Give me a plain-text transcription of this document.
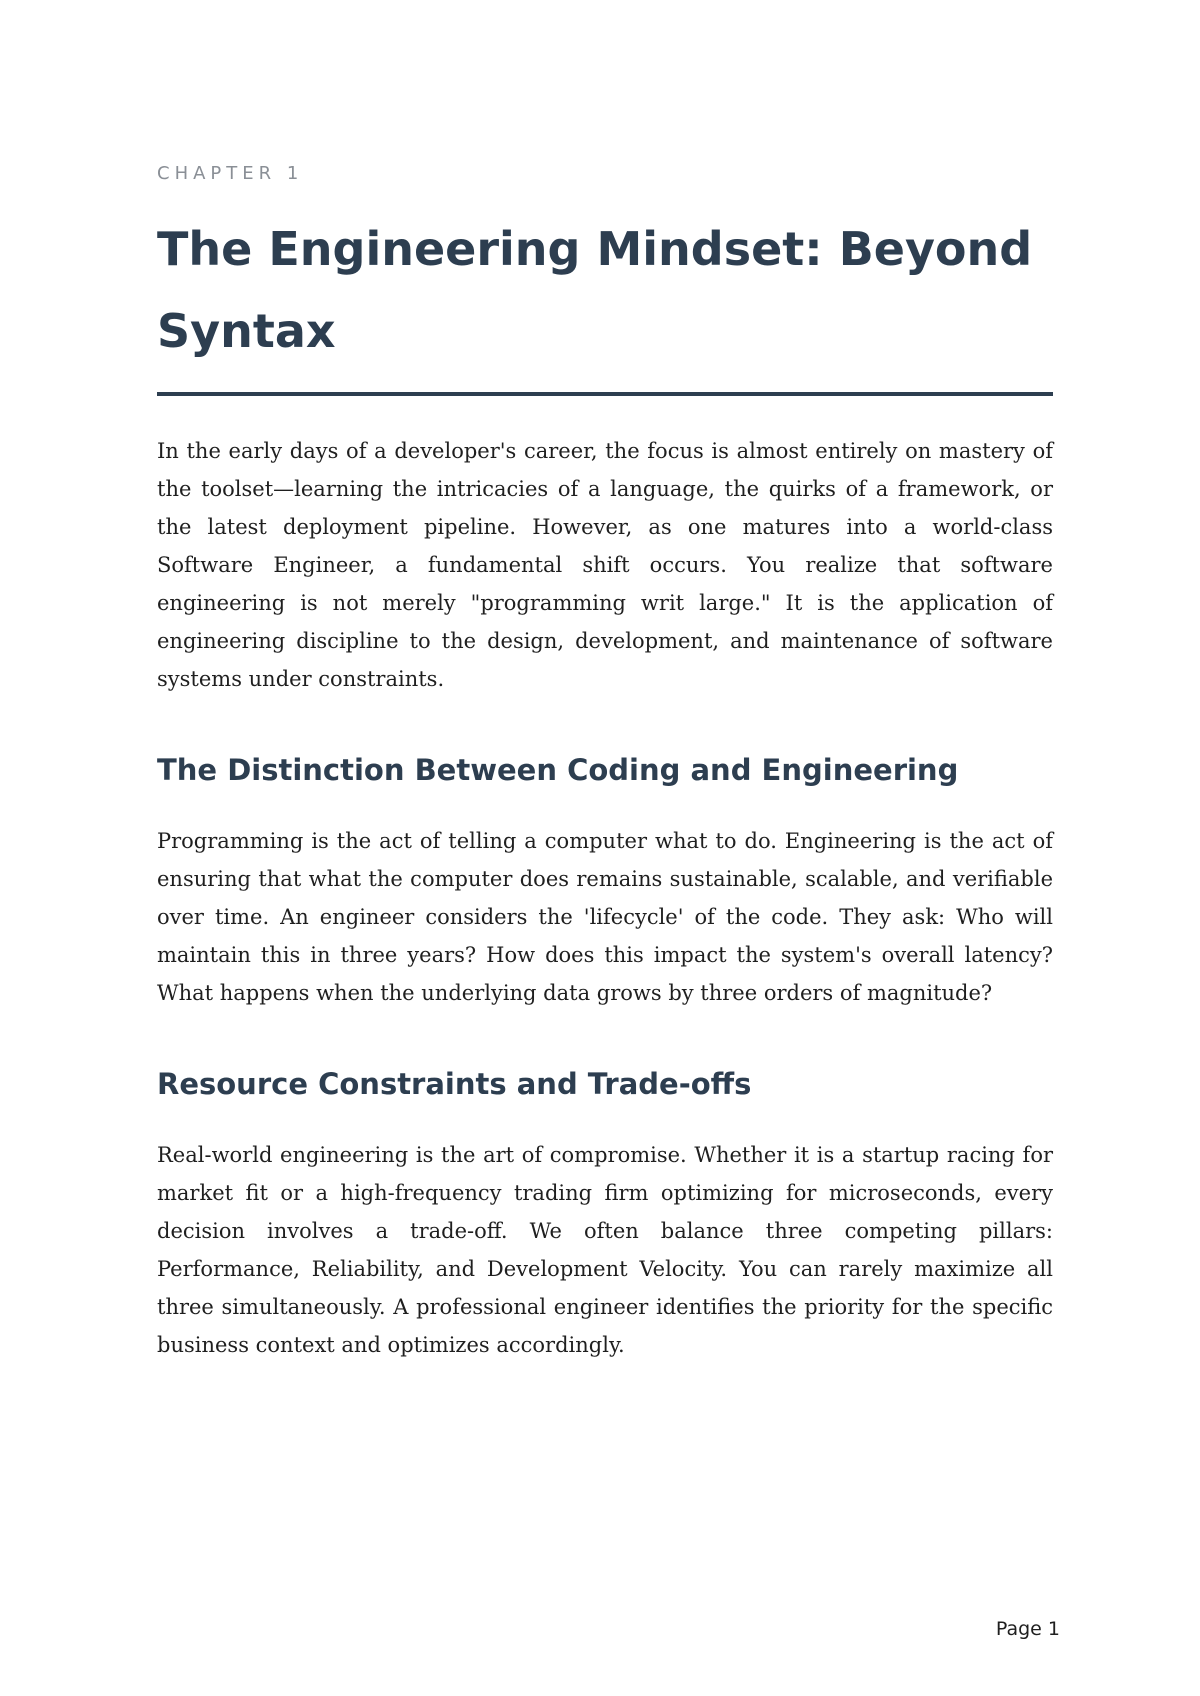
CHAPTER 1

The Engineering Mindset: Beyond Syntax

In the early days of a developer's career, the focus is almost entirely on mastery of the toolset—learning the intricacies of a language, the quirks of a framework, or the latest deployment pipeline. However, as one matures into a world-class Software Engineer, a fundamental shift occurs. You realize that software engineering is not merely "programming writ large." It is the application of engineering discipline to the design, development, and maintenance of software systems under constraints.

The Distinction Between Coding and Engineering

Programming is the act of telling a computer what to do. Engineering is the act of ensuring that what the computer does remains sustainable, scalable, and verifiable over time. An engineer considers the 'lifecycle' of the code. They ask: Who will maintain this in three years? How does this impact the system's overall latency? What happens when the underlying data grows by three orders of magnitude?

Resource Constraints and Trade-offs

Real-world engineering is the art of compromise. Whether it is a startup racing for market fit or a high-frequency trading firm optimizing for microseconds, every decision involves a trade-off. We often balance three competing pillars: Performance, Reliability, and Development Velocity. You can rarely maximize all three simultaneously. A professional engineer identifies the priority for the specific business context and optimizes accordingly.

Page 1
